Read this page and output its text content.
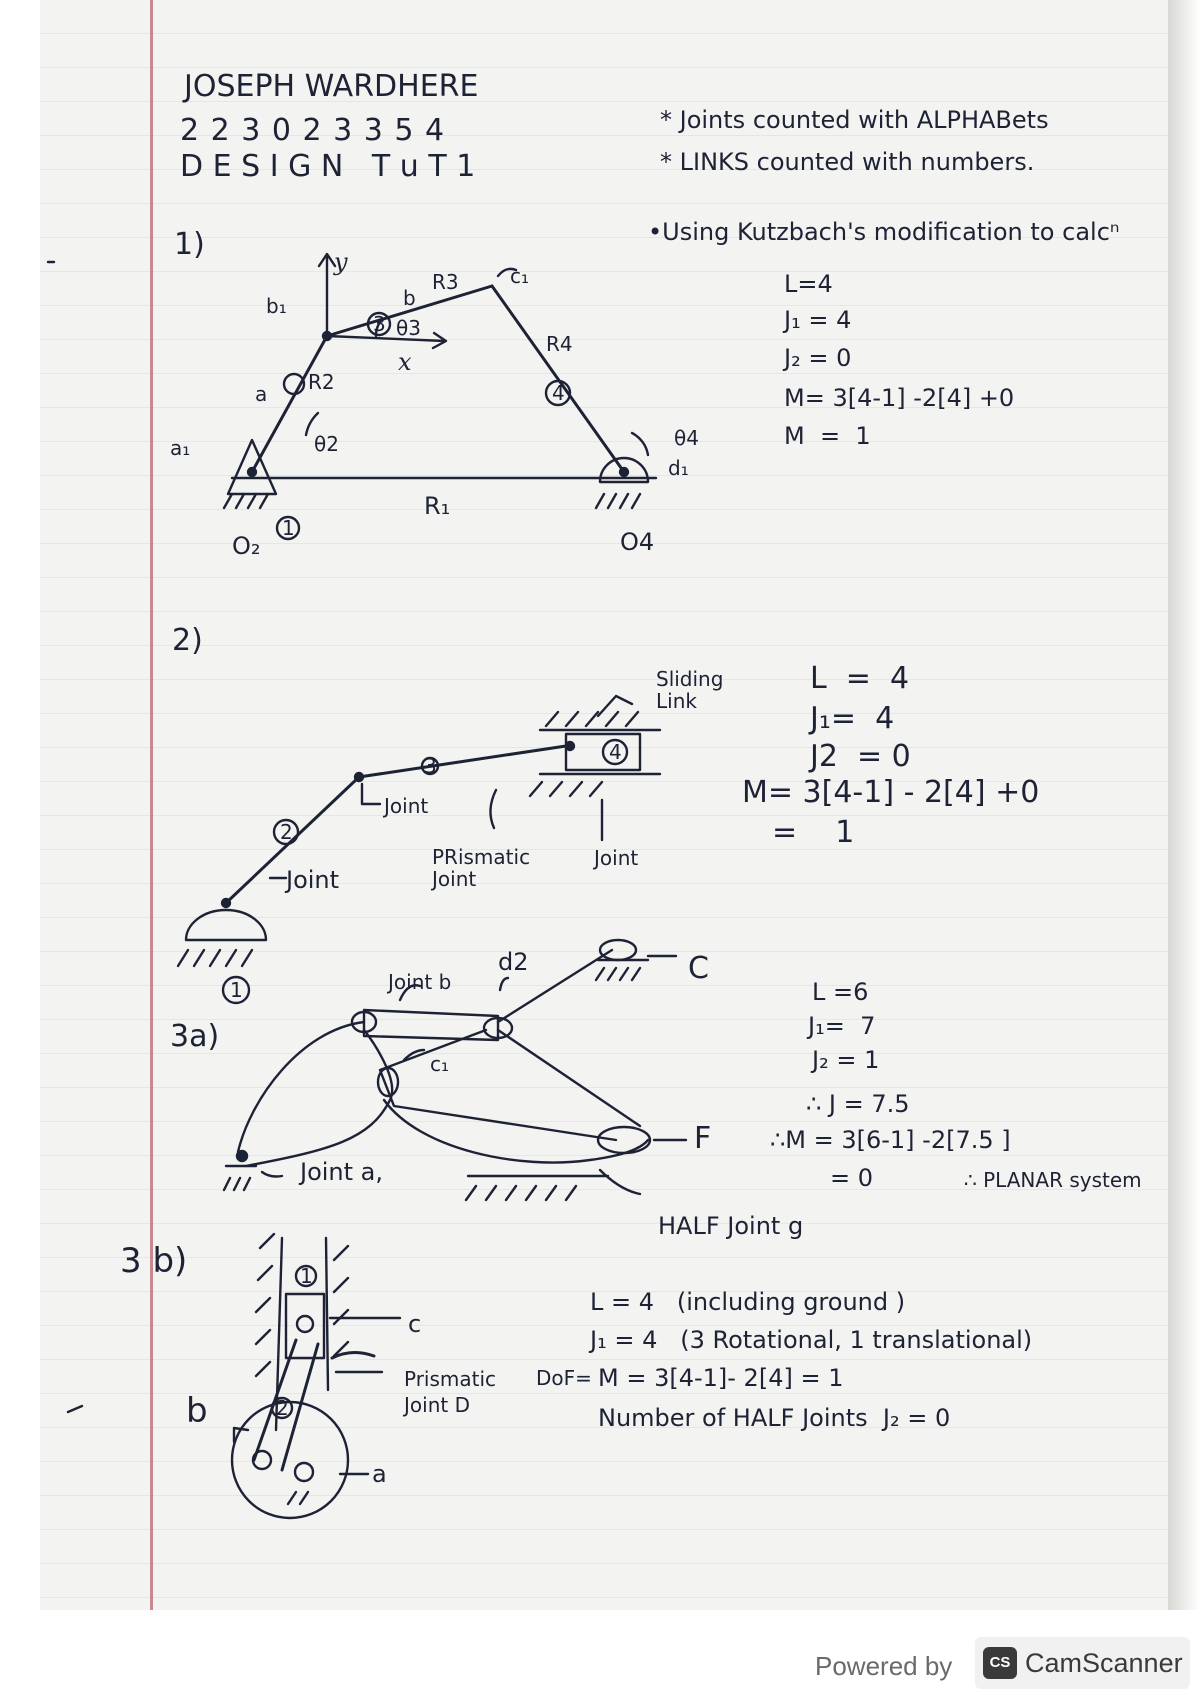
JOSEPH WARDHERE
2 2 3 0 2 3 3 5 4
D E S I G N   T u T 1
* Joints counted with ALPHABets
* LINKS counted with numbers.
•Using Kutzbach's modification to calcⁿ
1)
L=4
J₁ = 4
J₂ = 0
M= 3[4-1] -2[4] +0
M  =  1
y
x
b₁	b
R3	c₁
θ3
R4
a R2
θ2
a₁	θ4
d₁
R₁
O₂	O4
1
3
4
2)
L  =  4
J₁=  4
J2  = 0
M= 3[4-1] - 2[4] +0
=    1
Sliding
Link
Joint
Joint
PRismatic
Joint
Joint
1
2
3
4
3a)
L =6
J₁=  7
J₂ = 1
∴ J = 7.5
∴M = 3[6-1] -2[7.5 ]
= 0	∴ PLANAR system
Joint b
d2	C
c₁
F
Joint a,
HALF Joint g
3 b)
L = 4   (including ground )
J₁ = 4   (3 Rotational, 1 translational)
M = 3[4-1]- 2[4] = 1
Number of HALF Joints  J₂ = 0
c
Prismatic
Joint D
DoF=
b
a
1
2
Powered by	CS CamScanner
